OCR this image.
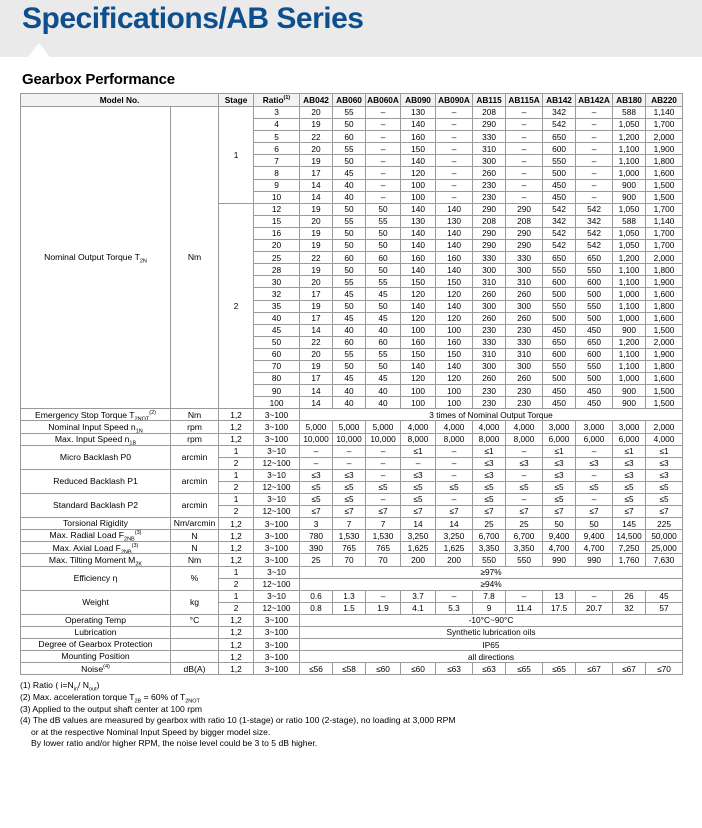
Specifications/AB Series
Gearbox Performance
Model No.		Stage	Ratio$^{(1)}$	AB042	AB060	AB060A	AB090	AB090A	AB115	AB115A	AB142	AB142A	AB180	AB220
Nominal Output Torque $T_{2N}$	Nm	1	3	20	55	–	130	–	208	–	342	–	588	1,140
			4	19	50	–	140	–	290	–	542	–	1,050	1,700
			5	22	60	–	160	–	330	–	650	–	1,200	2,000
			6	20	55	–	150	–	310	–	600	–	1,100	1,900
			7	19	50	–	140	–	300	–	550	–	1,100	1,800
			8	17	45	–	120	–	260	–	500	–	1,000	1,600
			9	14	40	–	100	–	230	–	450	–	900	1,500
			10	14	40	–	100	–	230	–	450	–	900	1,500
		2	12	19	50	50	140	140	290	290	542	542	1,050	1,700
			15	20	55	55	130	130	208	208	342	342	588	1,140
			16	19	50	50	140	140	290	290	542	542	1,050	1,700
			20	19	50	50	140	140	290	290	542	542	1,050	1,700
			25	22	60	60	160	160	330	330	650	650	1,200	2,000
			28	19	50	50	140	140	300	300	550	550	1,100	1,800
			30	20	55	55	150	150	310	310	600	600	1,100	1,900
			32	17	45	45	120	120	260	260	500	500	1,000	1,600
			35	19	50	50	140	140	300	300	550	550	1,100	1,800
			40	17	45	45	120	120	260	260	500	500	1,000	1,600
			45	14	40	40	100	100	230	230	450	450	900	1,500
			50	22	60	60	160	160	330	330	650	650	1,200	2,000
			60	20	55	55	150	150	310	310	600	600	1,100	1,900
			70	19	50	50	140	140	300	300	550	550	1,100	1,800
			80	17	45	45	120	120	260	260	500	500	1,000	1,600
			90	14	40	40	100	100	230	230	450	450	900	1,500
			100	14	40	40	100	100	230	230	450	450	900	1,500
Emergency Stop Torque $T_{2NOT}^{(2)}$	Nm	1,2	3~100	3 times of Nominal Output Torque										
Nominal Input Speed $n_{1N}$	rpm	1,2	3~100	5,000	5,000	5,000	4,000	4,000	4,000	4,000	3,000	3,000	3,000	2,000
Max. Input Speed $n_{1B}$	rpm	1,2	3~100	10,000	10,000	10,000	8,000	8,000	8,000	8,000	6,000	6,000	6,000	4,000
Micro Backlash P0	arcmin	1	3~10	–	–	–	≤1	–	≤1	–	≤1	–	≤1	≤1
		2	12~100	–	–	–	–	–	≤3	≤3	≤3	≤3	≤3	≤3
Reduced Backlash P1	arcmin	1	3~10	≤3	≤3	–	≤3	–	≤3	–	≤3	–	≤3	≤3
		2	12~100	≤5	≤5	≤5	≤5	≤5	≤5	≤5	≤5	≤5	≤5	≤5
Standard Backlash P2	arcmin	1	3~10	≤5	≤5	–	≤5	–	≤5	–	≤5	–	≤5	≤5
		2	12~100	≤7	≤7	≤7	≤7	≤7	≤7	≤7	≤7	≤7	≤7	≤7
Torsional Rigidity	Nm/arcmin	1,2	3~100	3	7	7	14	14	25	25	50	50	145	225
Max. Radial Load $F_{2NB}^{(3)}$	N	1,2	3~100	780	1,530	1,530	3,250	3,250	6,700	6,700	9,400	9,400	14,500	50,000
Max. Axial Load $F_{2NB}^{(3)}$	N	1,2	3~100	390	765	765	1,625	1,625	3,350	3,350	4,700	4,700	7,250	25,000
Max. Tilting Moment $M_{2K}$	Nm	1,2	3~100	25	70	70	200	200	550	550	990	990	1,760	7,630
Efficiency η	%	1	3~10	≥97%										
		2	12~100	≥94%										
Weight	kg	1	3~10	0.6	1.3	–	3.7	–	7.8	–	13	–	26	45
		2	12~100	0.8	1.5	1.9	4.1	5.3	9	11.4	17.5	20.7	32	57
Operating Temp	°C	1,2	3~100	-10°C~90°C										
Lubrication		1,2	3~100	Synthetic lubrication oils										
Degree of Gearbox Protection		1,2	3~100	IP65										
Mounting Position		1,2	3~100	all directions										
Noise$^{(4)}$	dB(A)	1,2	3~100	≤56	≤58	≤60	≤60	≤63	≤63	≤65	≤65	≤67	≤67	≤70
(1) Ratio ( $i=N_{in}/$ $N_{out}$)
(2) Max. acceleration torque $T_{2B} = 60\%$ of $T_{2NOT}$
(3) Applied to the output shaft center at 100 rpm
(4) The dB values are measured by gearbox with ratio 10 (1-stage) or ratio 100 (2-stage), no loading at 3,000 RPM
or at the respective Nominal Input Speed by bigger model size.
By lower ratio and/or higher RPM, the noise level could be 3 to 5 dB higher.
